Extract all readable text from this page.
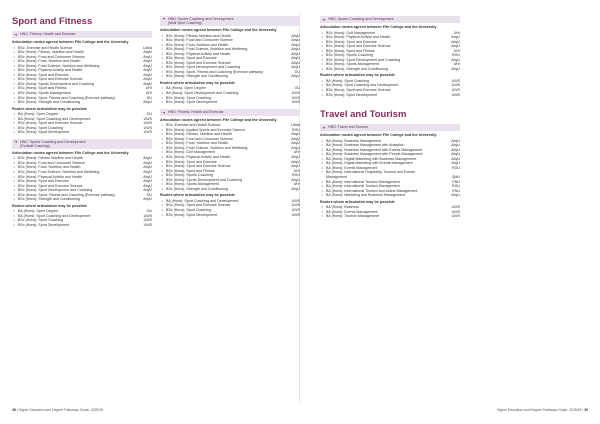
Sport and Fitness
➜ HNC: Fitness, Health and Exercise
Articulation routes agreed between Fife College and the University
• BSc: Exercise and Health Science	UAbd
• BSc (Hons): Fitness, Nutrition and Health	AbyU
• BSc (Hons): Food and Consumer Science	AbyU
• BSc (Hons): Food, Nutrition and Health	AbyU
• BSc (Hons): Food Science, Nutrition and Wellbeing	AbyU
• BSc (Hons): Physical Activity and Health	AbyU
• BSc (Hons): Sport and Exercise	AbyU
• BSc (Hons): Sport and Exercise Science	AbyU
• BSc (Hons): Sports Development and Coaching	AbyU
• BSc (Hons): Sport and Fitness	UHI
• BSc (Hons): Sports Management	UHI
• BSc (Hons): Sport, Fitness and Coaching (Exercise pathway)	DU
• BSc (Hons): Strength and Conditioning	AbyU
Routes where articulation may be possible
• BA (Hons): Open Degree	OU
• BA (Hons): Sport Coaching and Development	UWS
• BSc (Hons): Sport and Exercise Science	UWS
• BSc (Hons): Sport Coaching	UWS
• BSc (Hons): Sport Development	UWS
➜ HNC: Sports Coaching and Development
(Football Coaching)
Articulation routes agreed between Fife College and the University
• BSc (Hons): Fitness Nutrition and Health	AbyU
• BSc (Hons): Food and Consumer Science	AbyU
• BSc (Hons): Food, Nutrition and Health	AbyU
• BSc (Hons): Food Science, Nutrition and Wellbeing	AbyU
• BSc (Hons): Physical Activity and Health	AbyU
• BSc (Hons): Sport and Exercise	AbyU
• BSc (Hons): Sport and Exercise Science	AbyU
• BSc (Hons): Sport Development and Coaching	AbyU
• BSc (Hons): Sport, Fitness and Coaching (Exercise pathway)	DU
• BSc (Hons): Strength and Conditioning	AbyU
Routes where articulation may be possible
• BA (Hons): Open Degree	OU
• BA (Hons): Sport Coaching and Development	UWS
• BSc (Hons): Sport Coaching	UWS
• BSc (Hons): Sport Development	UWS
➜ HND: Sports Coaching and Development
(Multi Sport Coaching)
Articulation routes agreed between Fife College and the University
• BSc (Hons): Fitness Nutrition and Health	AbyU
• BSc (Hons): Food and Consumer Science	AbyU
• BSc (Hons): Food, Nutrition and Health	AbyU
• BSc (Hons): Food Science, Nutrition and Wellbeing	AbyU
• BSc (Hons): Physical Activity and Health	AbyU
• BSc (Hons): Sport and Exercise	AbyU
• BSc (Hons): Sport and Exercise Science	AbyU
• BSc (Hons): Sport Development and Coaching	AbyU
• BSc (Hons): Sport, Fitness and Coaching (Exercise pathway)	DU
• BSc (Hons): Strength and Conditioning	AbyU
Routes where articulation may be possible
• BA (Hons): Open Degree	OU
• BA (Hons): Sport Development and Coaching	UWS
• BSc (Hons): Sport Coaching	UWS
• BSc (Hons): Sport Development	UWS
➜ HND: Fitness, Health and Exercise
Articulation routes agreed between Fife College and the University
• BSc: Exercise and Health Science	UAbd
• BSc (Hons): Applied Sports and Exercise Science	RGU
• BSc (Hons): Fitness, Nutrition and Health	AbyU
• BSc (Hons): Food and Consumer Science	AbyU
• BSc (Hons): Food, Nutrition and Health	AbyU
• BSc (Hons): Food Science, Nutrition and Wellbeing	AbyU
• BSc (Hons): Golf Management	UHI
• BSc (Hons): Physical Activity and Health	AbyU
• BSc (Hons): Sport and Exercise	AbyU
• BSc (Hons): Sport and Exercise Science	AbyU
• BSc (Hons): Sport and Fitness	UHI
• BSc (Hons): Sports Coaching	RGU
• BSc (Hons): Sports Development and Coaching	AbyU
• BSc (Hons): Sports Management	UHI
• BSc (Hons): Strength and Conditioning	AbyU
Routes where articulation may be possible
• BA (Hons): Sport Coaching and Development	UWS
• BSc (Hons): Sport and Exercise Science	UWS
• BSc (Hons): Sport Coaching	UWS
• BSc (Hons): Sport Development	UWS
➜ HND: Sports Coaching and Development
Articulation routes agreed between Fife College and the University
• BSc (Hons): Golf Management	UHI
• BSc (Hons): Physical Activity and Health	AbyU
• BSc (Hons): Sport and Exercise	AbyU
• BSc (Hons): Sport and Exercise Science	AbyU
• BSc (Hons): Sport and Fitness	UHI
• BSc (Hons): Sports Coaching	RGU
• BSc (Hons): Sport Development and Coaching	AbyU
• BSc (Hons): Sports Management	UHI
• BSc (Hons): Strength and Conditioning	AbyU
Routes where articulation may be possible
• BA (Hons): Sport Coaching	UWS
• BA (Hons): Sport Coaching and Development	UWS
• BSc (Hons): Sport and Exercise Science	UWS
• BSc (Hons): Sport Development	UWS
Travel and Tourism
➜ HND: Travel and Tourism
Articulation routes agreed between Fife College and the University
• BA (Hons): Business Management	AbyU
• BA (Hons): Business Management with Analytics	AbyU
• BA (Hons): Business Management with Events Management	AbyU
• BA (Hons): Business Management with People Management	AbyU
• BA (Hons): Digital Marketing with Business Management	AbyU
• BA (Hons): Digital Marketing with Events Management	AbyU
• BA (Hons): Events Management	RGU
• BA (Hons): International Hospitality, Tourism and Events Management	QMU
• BA (Hons): International Tourism Management	ENU
• BA (Hons): International Tourism Management	RGU
• BA (Hons): International Tourism and Airline Management	ENU
• BA (Hons): Marketing and Business Management	AbyU
Routes where articulation may be possible
• BA (Hons): Business	UWS
• BA (Hons): Events Management	UWS
• BA (Hons): Tourism Management	UWS
38 | Higher Education and Degree Pathways Guide, 2025/26	Higher Education and Degree Pathways Guide, 2025/26 | 39
